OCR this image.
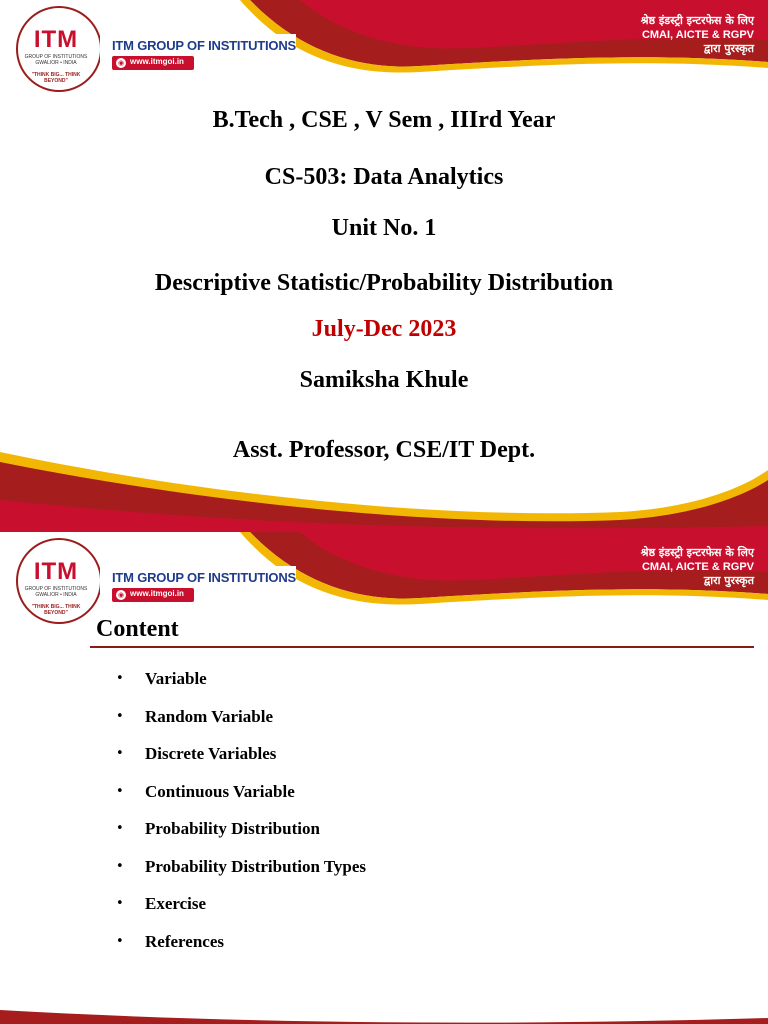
ITM
GROUP OF INSTITUTIONS
GWALIOR • INDIA
"THINK BIG... THINK BEYOND"
ITM GROUP OF INSTITUTIONS
◉ www.itmgoi.in
श्रेष्ठ इंडस्ट्री इन्टरफेस के लिए
CMAI, AICTE & RGPV
द्वारा पुरस्कृत
B.Tech , CSE , V Sem , IIIrd Year
CS-503: Data Analytics
Unit No. 1
Descriptive Statistic/Probability Distribution
July-Dec 2023
Samiksha Khule
Asst. Professor, CSE/IT Dept.
ITM
GROUP OF INSTITUTIONS
GWALIOR • INDIA
"THINK BIG... THINK BEYOND"
ITM GROUP OF INSTITUTIONS
◉ www.itmgoi.in
श्रेष्ठ इंडस्ट्री इन्टरफेस के लिए
CMAI, AICTE & RGPV
द्वारा पुरस्कृत
Content
• Variable
• Random Variable
• Discrete Variables
• Continuous Variable
• Probability Distribution
• Probability Distribution Types
• Exercise
• References
